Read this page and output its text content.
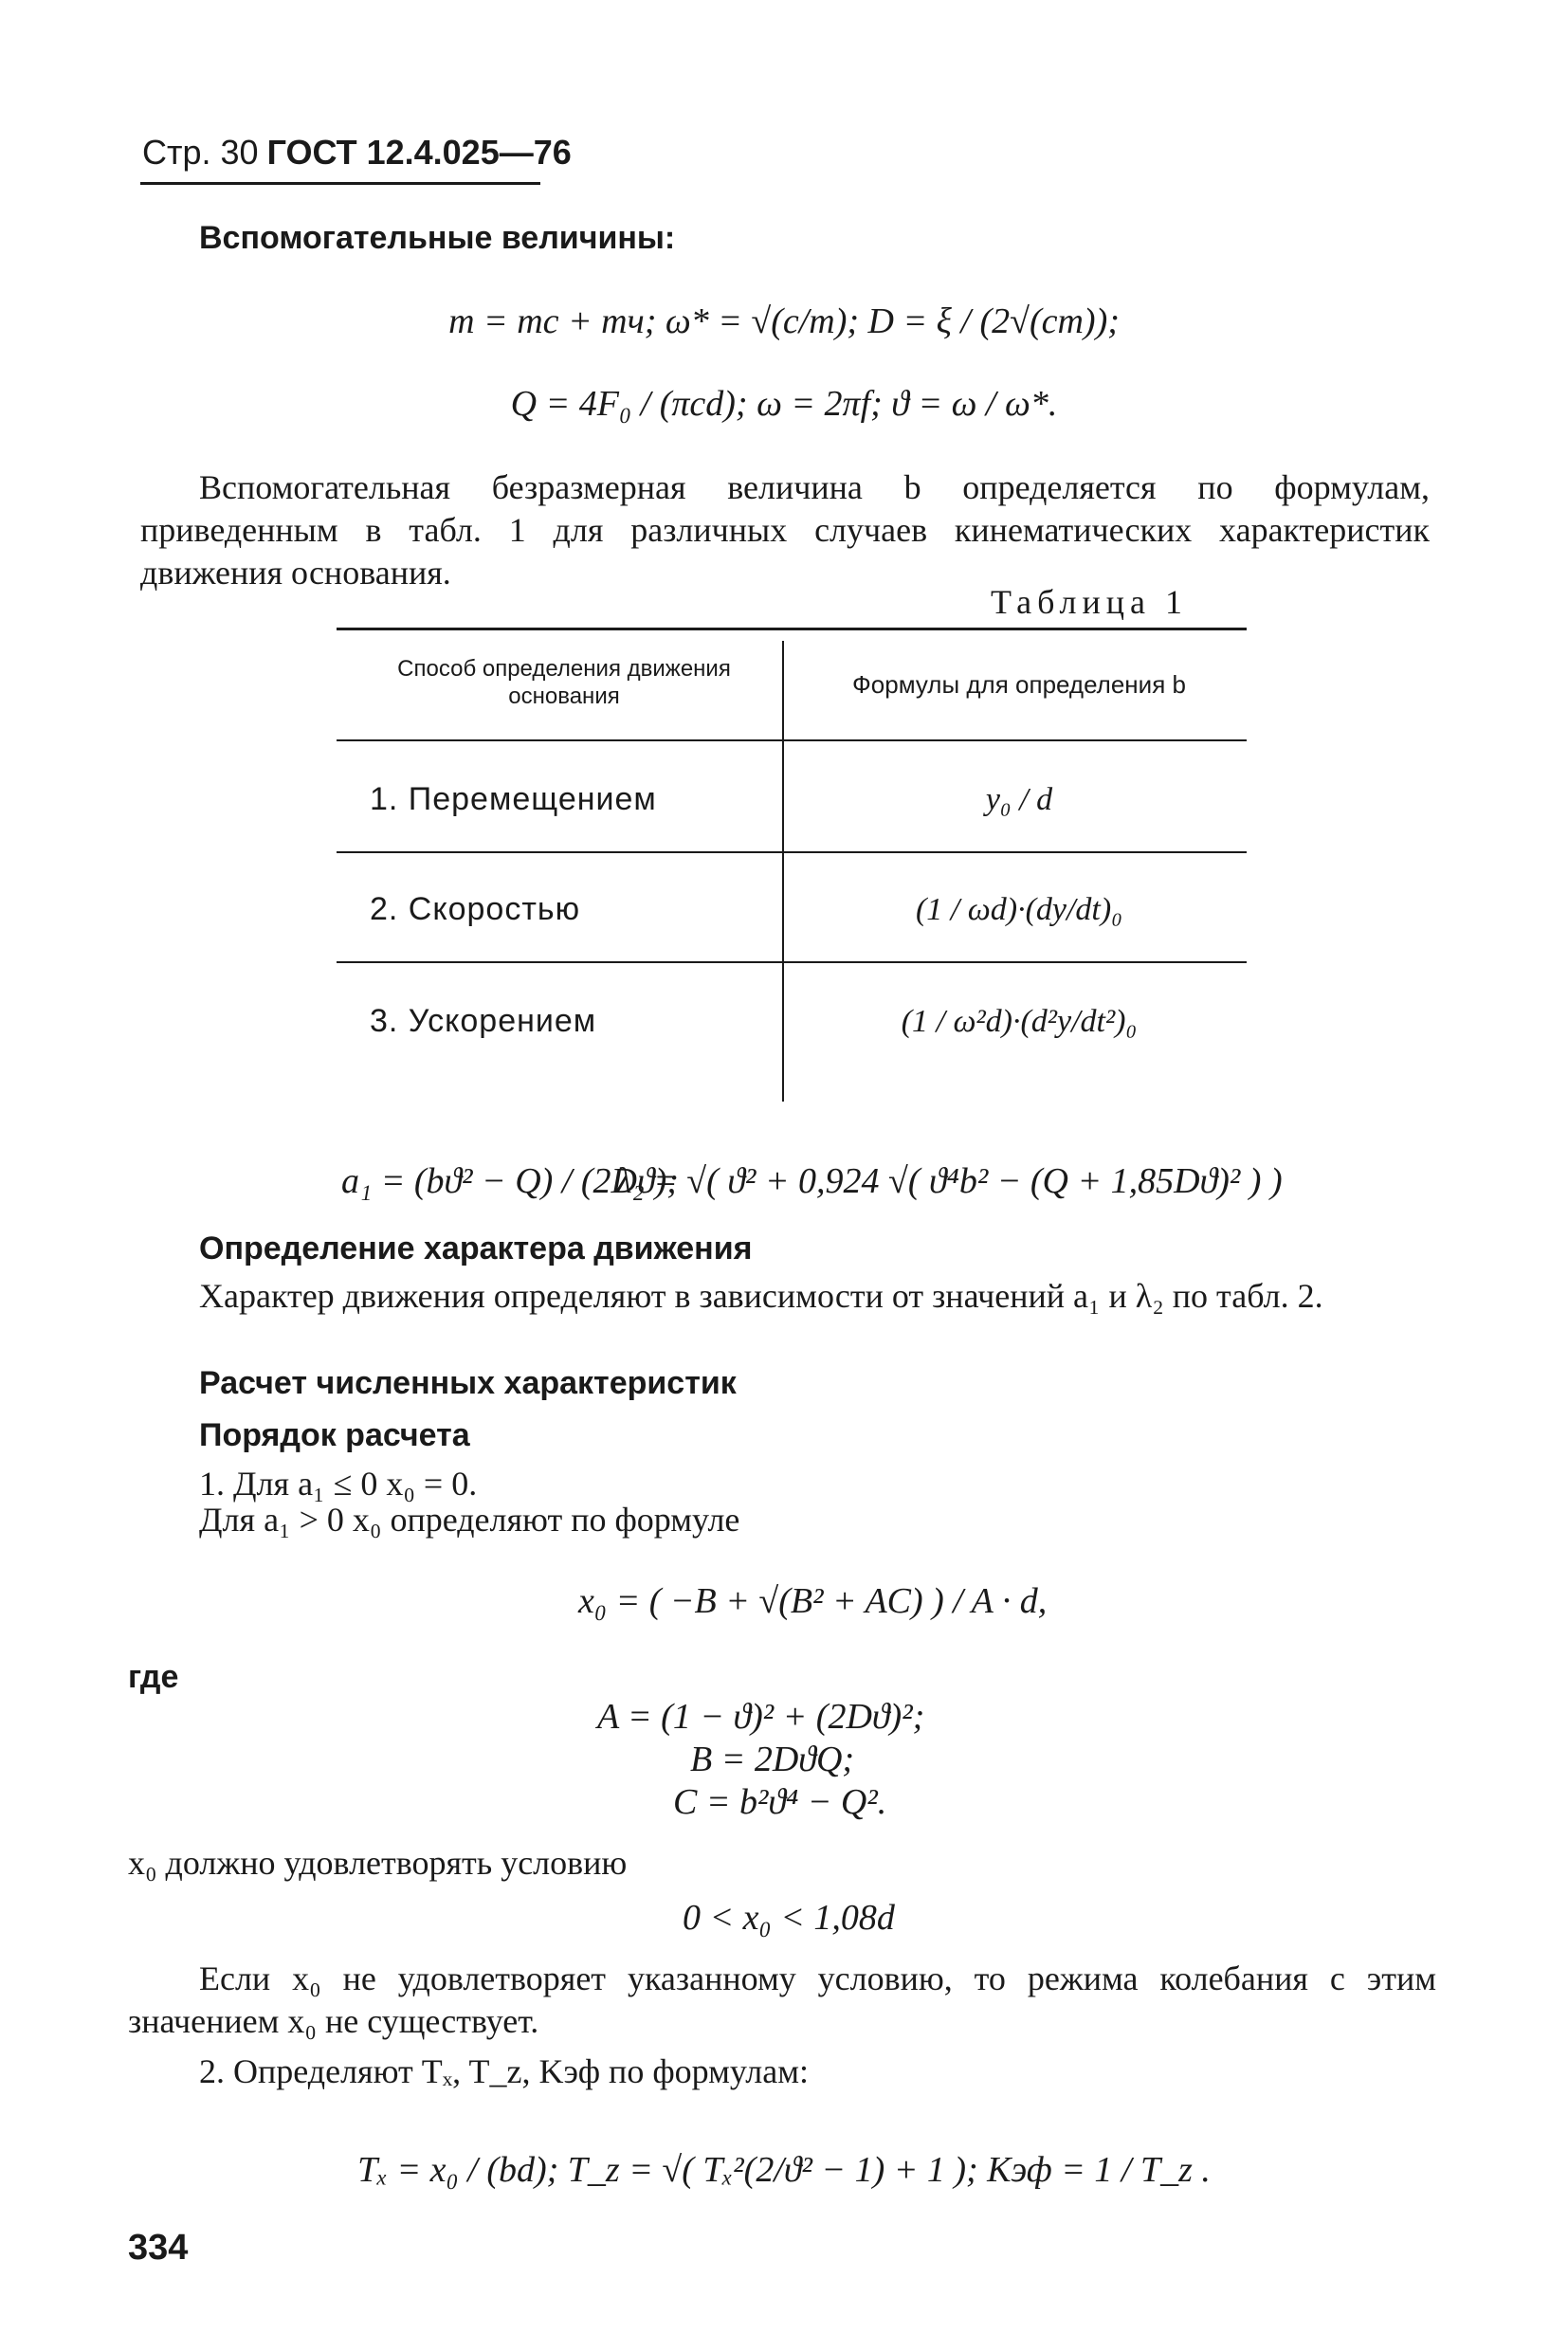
Стр. 30 ГОСТ 12.4.025—76
Вспомогательные величины:
m = mс + mч; ω* = √(c/m); D = ξ / (2√(cm));
Q = 4F₀ / (πcd); ω = 2πf; ϑ = ω / ω*.
Вспомогательная безразмерная величина b определяется по формулам, приведенным в табл. 1 для различных случаев кинематических характеристик движения основания.
Таблица 1
Способ определения движения основания	Формулы для определения b
1. Перемещением	y₀ / d
2. Скоростью	(1 / ωd)·(dy/dt)₀
3. Ускорением	(1 / ω²d)·(d²y/dt²)₀
a₁ = (bϑ² − Q) / (2Dϑ);
λ₂ = √( ϑ² + 0,924 √( ϑ⁴b² − (Q + 1,85Dϑ)² ) )
Определение характера движения
Характер движения определяют в зависимости от значений a₁ и λ₂ по табл. 2.
Расчет численных характеристик
Порядок расчета
1. Для a₁ ≤ 0 x₀ = 0.
Для a₁ > 0 x₀ определяют по формуле
x₀ = ( −B + √(B² + AC) ) / A · d,
где
A = (1 − ϑ)² + (2Dϑ)²;
B = 2DϑQ;
C = b²ϑ⁴ − Q².
x₀ должно удовлетворять условию
0 < x₀ < 1,08d
Если x₀ не удовлетворяет указанному условию, то режима колебания с этим значением x₀ не существует.
2. Определяют Tₓ, T_z, Kэф по формулам:
Tₓ = x₀ / (bd); T_z = √( Tₓ²(2/ϑ² − 1) + 1 ); Kэф = 1 / T_z .
334
